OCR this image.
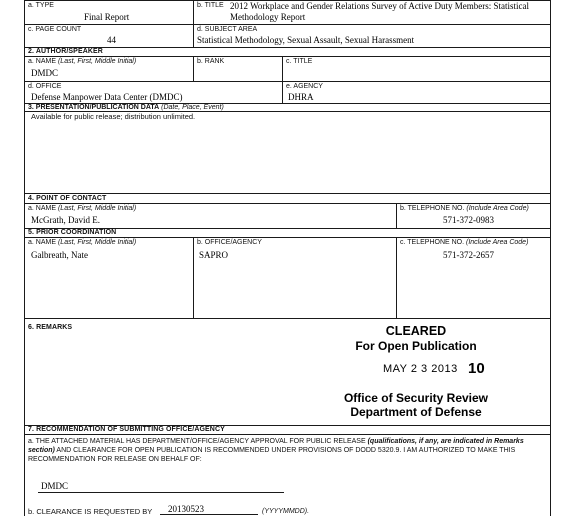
a. TYPE
Final Report
b. TITLE 2012 Workplace and Gender Relations Survey of Active Duty Members: Statistical
Methodology Report
c. PAGE COUNT
44
d. SUBJECT AREA
Statistical Methodology, Sexual Assault, Sexual Harassment
2. AUTHOR/SPEAKER
a. NAME (Last, First, Middle Initial)
DMDC
b. RANK	c. TITLE
d. OFFICE
Defense Manpower Data Center (DMDC)
e. AGENCY
DHRA
3. PRESENTATION/PUBLICATION DATA (Date, Place, Event)
Available for public release; distribution unlimited.
4. POINT OF CONTACT
a. NAME (Last, First, Middle Initial)
McGrath, David E.
b. TELEPHONE NO. (Include Area Code)
571-372-0983
5. PRIOR COORDINATION
a. NAME (Last, First, Middle Initial)
Galbreath, Nate
b. OFFICE/AGENCY
SAPRO
c. TELEPHONE NO. (Include Area Code)
571-372-2657
6. REMARKS	CLEARED
For Open Publication
MAY 2 3 2013 10
Office of Security Review
Department of Defense
7. RECOMMENDATION OF SUBMITTING OFFICE/AGENCY
a. THE ATTACHED MATERIAL HAS DEPARTMENT/OFFICE/AGENCY APPROVAL FOR PUBLIC RELEASE (qualifications, if any, are indicated in Remarks section) AND CLEARANCE FOR OPEN PUBLICATION IS RECOMMENDED UNDER PROVISIONS OF DODD 5320.9. I AM AUTHORIZED TO MAKE THIS RECOMMENDATION FOR RELEASE ON BEHALF OF:
DMDC
b. CLEARANCE IS REQUESTED BY 20130523	(YYYYMMDD).
